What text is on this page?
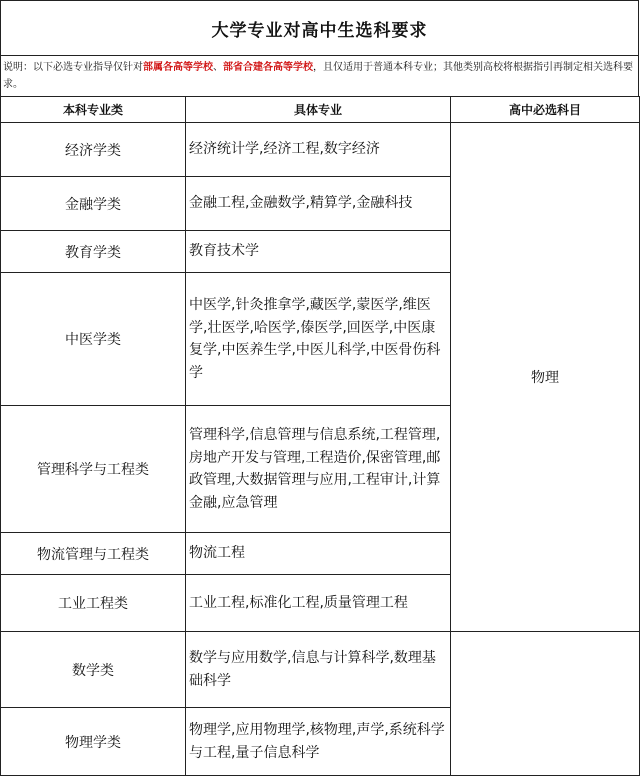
大学专业对高中生选科要求
说明：以下必选专业指导仅针对部属各高等学校、部省合建各高等学校，且仅适用于普通本科专业；其他类别高校将根据指引再制定相关选科要求。
本科专业类	具体专业	高中必选科目
经济学类	经济统计学,经济工程,数字经济	物理
金融学类	金融工程,金融数学,精算学,金融科技	
教育学类	教育技术学	
中医学类	中医学,针灸推拿学,藏医学,蒙医学,维医学,壮医学,哈医学,傣医学,回医学,中医康复学,中医养生学,中医儿科学,中医骨伤科学	
管理科学与工程类	管理科学,信息管理与信息系统,工程管理,房地产开发与管理,工程造价,保密管理,邮政管理,大数据管理与应用,工程审计,计算金融,应急管理	
物流管理与工程类	物流工程	
工业工程类	工业工程,标准化工程,质量管理工程	
数学类	数学与应用数学,信息与计算科学,数理基础科学	
物理学类	物理学,应用物理学,核物理,声学,系统科学与工程,量子信息科学	
